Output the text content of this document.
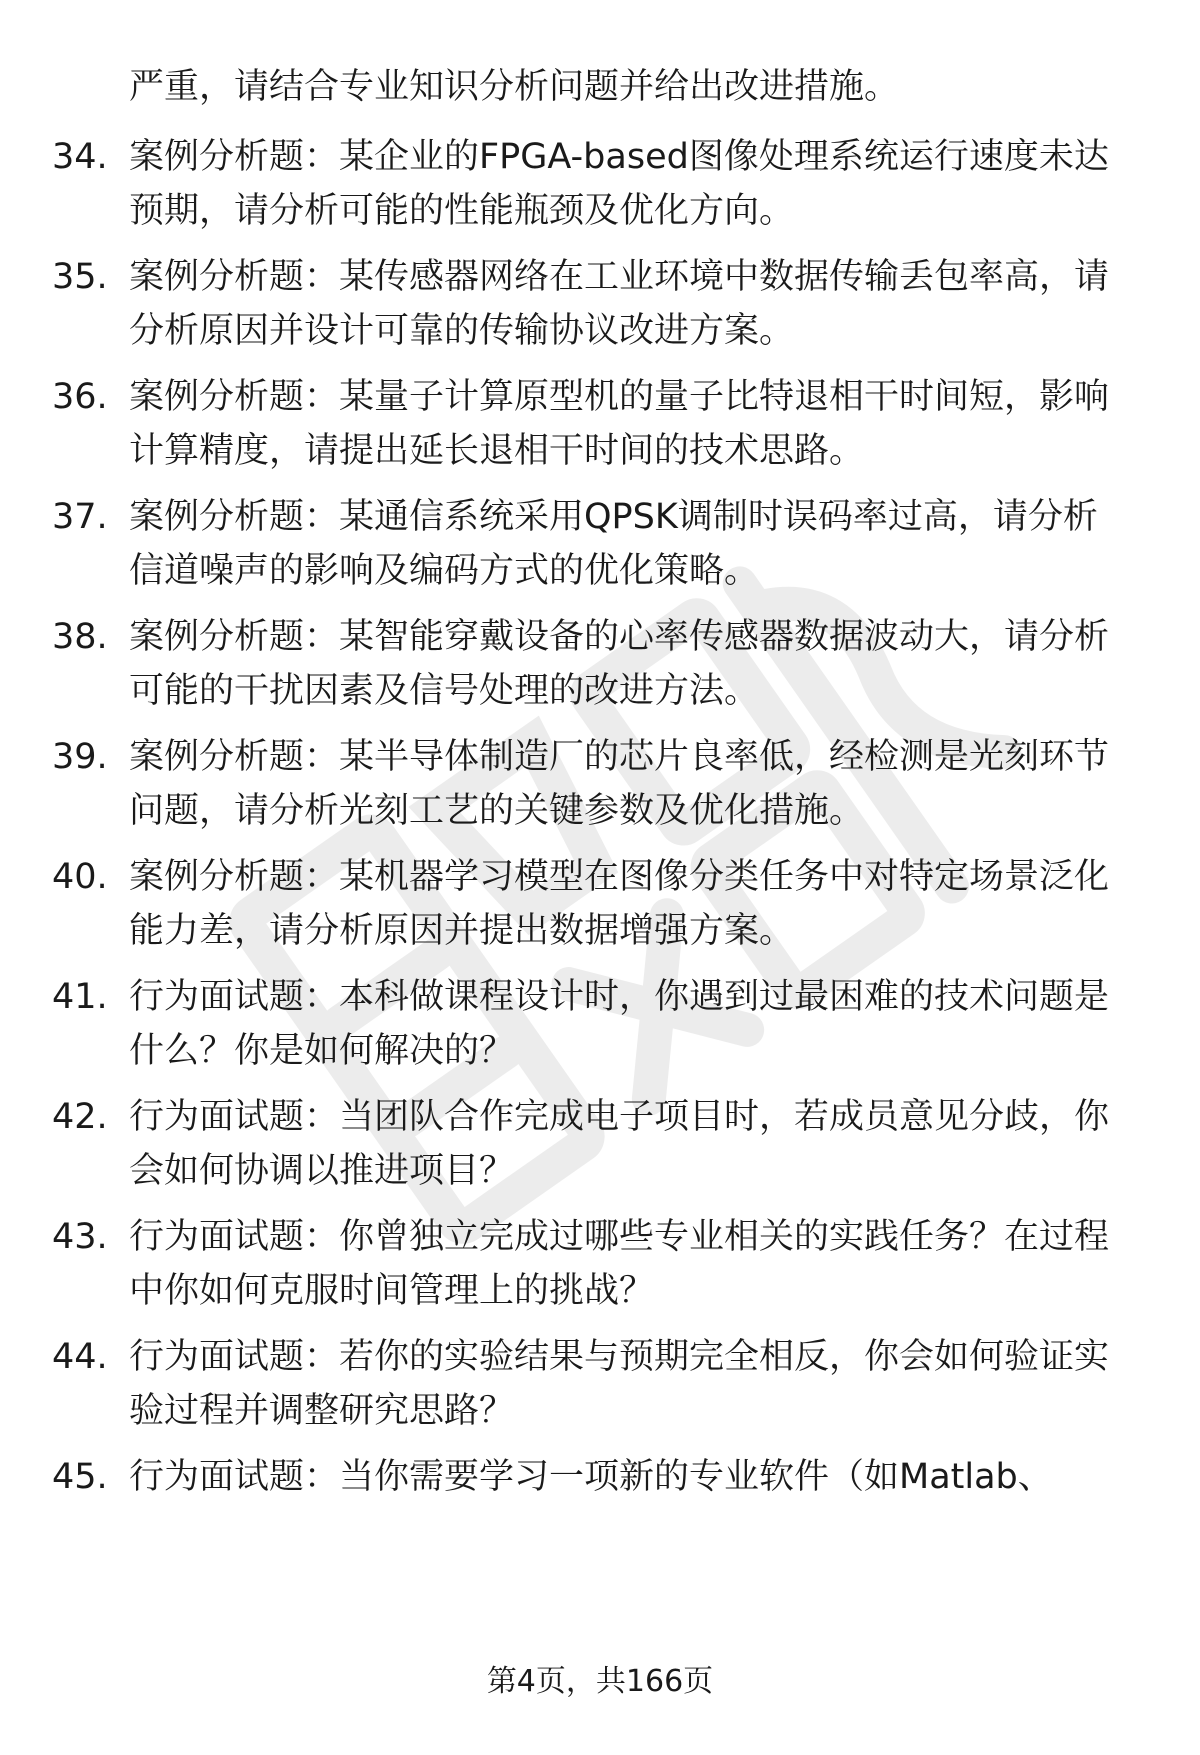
严重，请结合专业知识分析问题并给出改进措施。
34. 案例分析题：某企业的FPGA-based图像处理系统运行速度未达
预期，请分析可能的性能瓶颈及优化方向。
35. 案例分析题：某传感器网络在工业环境中数据传输丢包率高，请
分析原因并设计可靠的传输协议改进方案。
36. 案例分析题：某量子计算原型机的量子比特退相干时间短，影响
计算精度，请提出延长退相干时间的技术思路。
37. 案例分析题：某通信系统采用QPSK调制时误码率过高，请分析
信道噪声的影响及编码方式的优化策略。
38. 案例分析题：某智能穿戴设备的心率传感器数据波动大，请分析
可能的干扰因素及信号处理的改进方法。
39. 案例分析题：某半导体制造厂的芯片良率低，经检测是光刻环节
问题，请分析光刻工艺的关键参数及优化措施。
40. 案例分析题：某机器学习模型在图像分类任务中对特定场景泛化
能力差，请分析原因并提出数据增强方案。
41. 行为面试题：本科做课程设计时，你遇到过最困难的技术问题是
什么？你是如何解决的？
42. 行为面试题：当团队合作完成电子项目时，若成员意见分歧，你
会如何协调以推进项目？
43. 行为面试题：你曾独立完成过哪些专业相关的实践任务？在过程
中你如何克服时间管理上的挑战？
44. 行为面试题：若你的实验结果与预期完全相反，你会如何验证实
验过程并调整研究思路？
45. 行为面试题：当你需要学习一项新的专业软件（如Matlab、
第4页，共166页
